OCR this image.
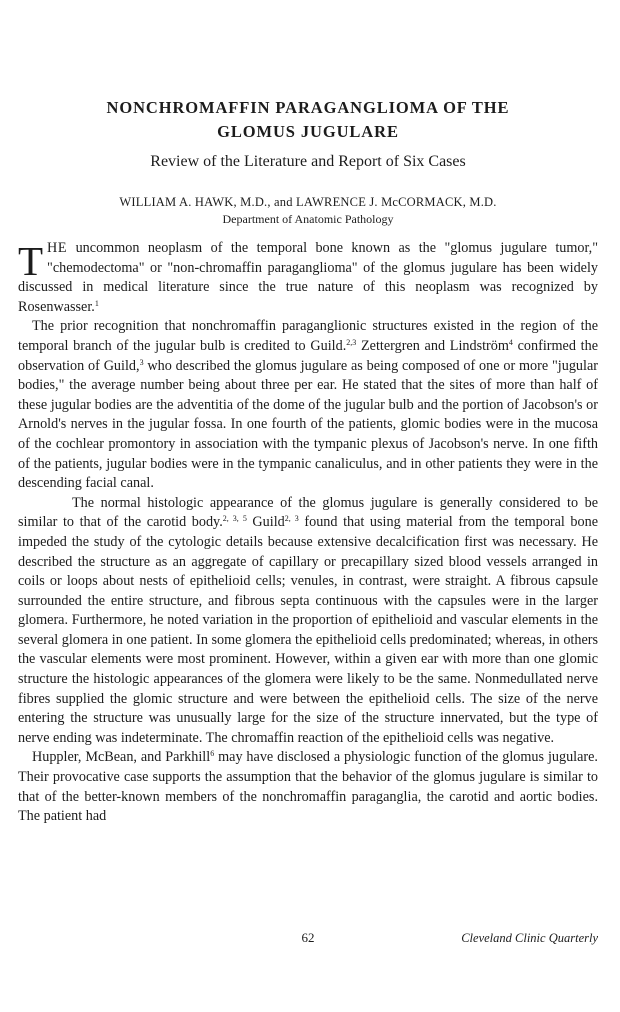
NONCHROMAFFIN PARAGANGLIOMA OF THE
GLOMUS JUGULARE
Review of the Literature and Report of Six Cases
WILLIAM A. HAWK, M.D., and LAWRENCE J. McCORMACK, M.D.
Department of Anatomic Pathology

THE uncommon neoplasm of the temporal bone known as the "glomus jugulare tumor," "chemodectoma" or "non-chromaffin paraganglioma" of the glomus jugulare has been widely discussed in medical literature since the true nature of this neoplasm was recognized by Rosenwasser.$^1$

The prior recognition that nonchromaffin paraganglionic structures existed in the region of the temporal branch of the jugular bulb is credited to Guild.$^{2,3}$ Zettergren and Lindström$^4$ confirmed the observation of Guild,$^3$ who described the glomus jugulare as being composed of one or more "jugular bodies," the average number being about three per ear. He stated that the sites of more than half of these jugular bodies are the adventitia of the dome of the jugular bulb and the portion of Jacobson's or Arnold's nerves in the jugular fossa. In one fourth of the patients, glomic bodies were in the mucosa of the cochlear promontory in association with the tympanic plexus of Jacobson's nerve. In one fifth of the patients, jugular bodies were in the tympanic canaliculus, and in other patients they were in the descending facial canal.

The normal histologic appearance of the glomus jugulare is generally considered to be similar to that of the carotid body.$^{2, 3, 5}$ Guild$^{2, 3}$ found that using material from the temporal bone impeded the study of the cytologic details because extensive decalcification first was necessary. He described the structure as an aggregate of capillary or precapillary sized blood vessels arranged in coils or loops about nests of epithelioid cells; venules, in contrast, were straight. A fibrous capsule surrounded the entire structure, and fibrous septa continuous with the capsules were in the larger glomera. Furthermore, he noted variation in the proportion of epithelioid and vascular elements in the several glomera in one patient. In some glomera the epithelioid cells predominated; whereas, in others the vascular elements were most prominent. However, within a given ear with more than one glomic structure the histologic appearances of the glomera were likely to be the same. Nonmedullated nerve fibres supplied the glomic structure and were between the epithelioid cells. The size of the nerve entering the structure was unusually large for the size of the structure innervated, but the type of nerve ending was indeterminate. The chromaffin reaction of the epithelioid cells was negative.

Huppler, McBean, and Parkhill$^6$ may have disclosed a physiologic function of the glomus jugulare. Their provocative case supports the assumption that the behavior of the glomus jugulare is similar to that of the better-known members of the nonchromaffin paraganglia, the carotid and aortic bodies. The patient had

62	Cleveland Clinic Quarterly
